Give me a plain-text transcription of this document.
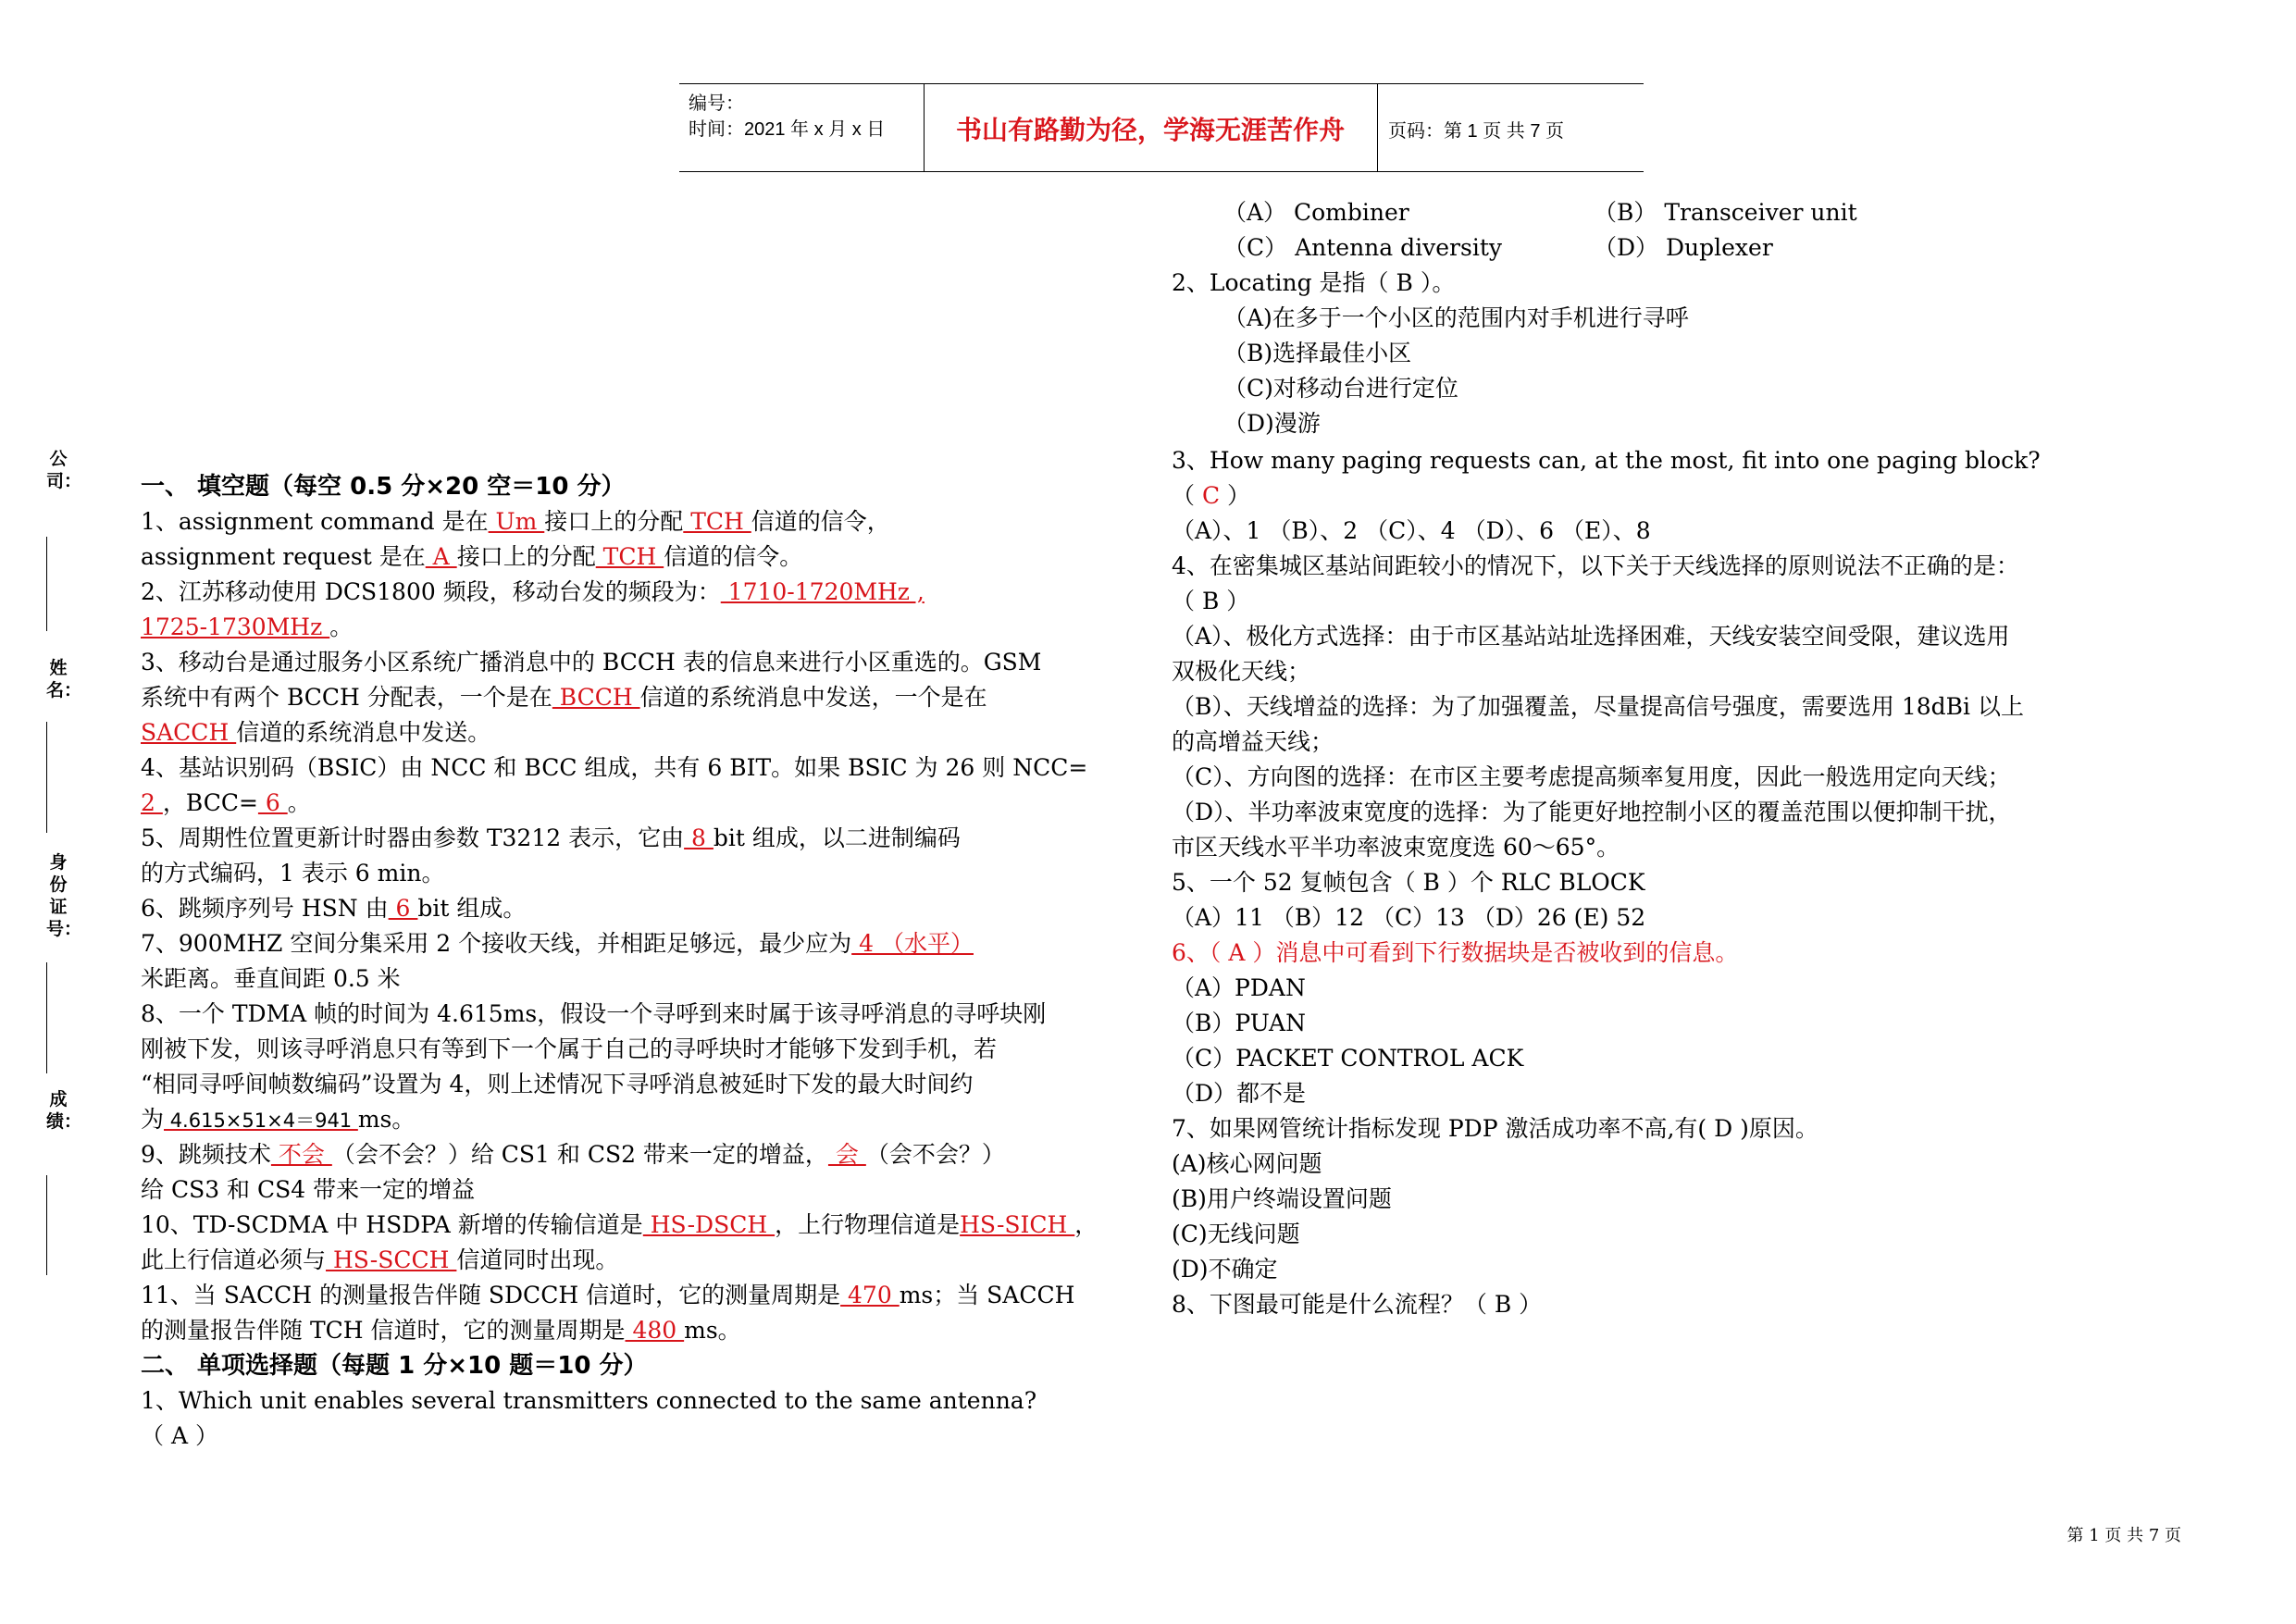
编号：
时间：2021 年 x 月 x 日	书山有路勤为径，学海无涯苦作舟	页码：第 1 页 共 7 页
公司：
姓名：
身份证号：
成绩：
一、 填空题（每空 0.5 分×20 空＝10 分）
1、assignment command 是在 Um 接口上的分配 TCH 信道的信令，
assignment request 是在 A 接口上的分配 TCH 信道的信令。
2、江苏移动使用 DCS1800 频段，移动台发的频段为： 1710-1720MHz ,
1725-1730MHz 。
3、移动台是通过服务小区系统广播消息中的 BCCH 表的信息来进行小区重选的。GSM
系统中有两个 BCCH 分配表，一个是在 BCCH 信道的系统消息中发送，一个是在
SACCH 信道的系统消息中发送。
4、基站识别码（BSIC）由 NCC 和 BCC 组成，共有 6 BIT。如果 BSIC 为 26 则 NCC=
2 ，BCC= 6 。
5、周期性位置更新计时器由参数 T3212 表示，它由 8 bit 组成，以二进制编码
的方式编码，1 表示 6 min。
6、跳频序列号 HSN 由 6 bit 组成。
7、900MHZ 空间分集采用 2 个接收天线，并相距足够远，最少应为 4 （水平）
米距离。垂直间距 0.5 米
8、一个 TDMA 帧的时间为 4.615ms，假设一个寻呼到来时属于该寻呼消息的寻呼块刚
刚被下发，则该寻呼消息只有等到下一个属于自己的寻呼块时才能够下发到手机，若
“相同寻呼间帧数编码”设置为 4，则上述情况下寻呼消息被延时下发的最大时间约
为 4.615×51×4＝941 ms。
9、跳频技术 不会 （会不会？）给 CS1 和 CS2 带来一定的增益， 会 （会不会？）
给 CS3 和 CS4 带来一定的增益
10、TD-SCDMA 中 HSDPA 新增的传输信道是 HS-DSCH ，上行物理信道是HS-SICH ，
此上行信道必须与 HS-SCCH 信道同时出现。
11、当 SACCH 的测量报告伴随 SDCCH 信道时，它的测量周期是 470 ms；当 SACCH
的测量报告伴随 TCH 信道时，它的测量周期是 480 ms。
二、 单项选择题（每题 1 分×10 题＝10 分）
1、Which unit enables several transmitters connected to the same antenna?
（ A ）
（A） Combiner	（B） Transceiver unit
（C） Antenna diversity	（D） Duplexer
2、Locating 是指（ B ）。
（A)在多于一个小区的范围内对手机进行寻呼
（B)选择最佳小区
（C)对移动台进行定位
（D)漫游
3、How many paging requests can, at the most, fit into one paging block?
（ C ）
（A）、1 （B）、2 （C）、4 （D）、6 （E）、8
4、在密集城区基站间距较小的情况下，以下关于天线选择的原则说法不正确的是：
（ B ）
（A）、极化方式选择：由于市区基站站址选择困难，天线安装空间受限，建议选用
双极化天线；
（B）、天线增益的选择：为了加强覆盖，尽量提高信号强度，需要选用 18dBi 以上
的高增益天线；
（C）、方向图的选择：在市区主要考虑提高频率复用度，因此一般选用定向天线；
（D）、半功率波束宽度的选择：为了能更好地控制小区的覆盖范围以便抑制干扰，
市区天线水平半功率波束宽度选 60～65°。
5、一个 52 复帧包含（ B ）个 RLC BLOCK
（A）11 （B）12 （C）13 （D）26 (E) 52
6、（ A ）消息中可看到下行数据块是否被收到的信息。
（A）PDAN
（B）PUAN
（C）PACKET CONTROL ACK
（D）都不是
7、如果网管统计指标发现 PDP 激活成功率不高,有( D )原因。
(A)核心网问题
(B)用户终端设置问题
(C)无线问题
(D)不确定
8、下图最可能是什么流程？（ B ）
第 1 页 共 7 页
